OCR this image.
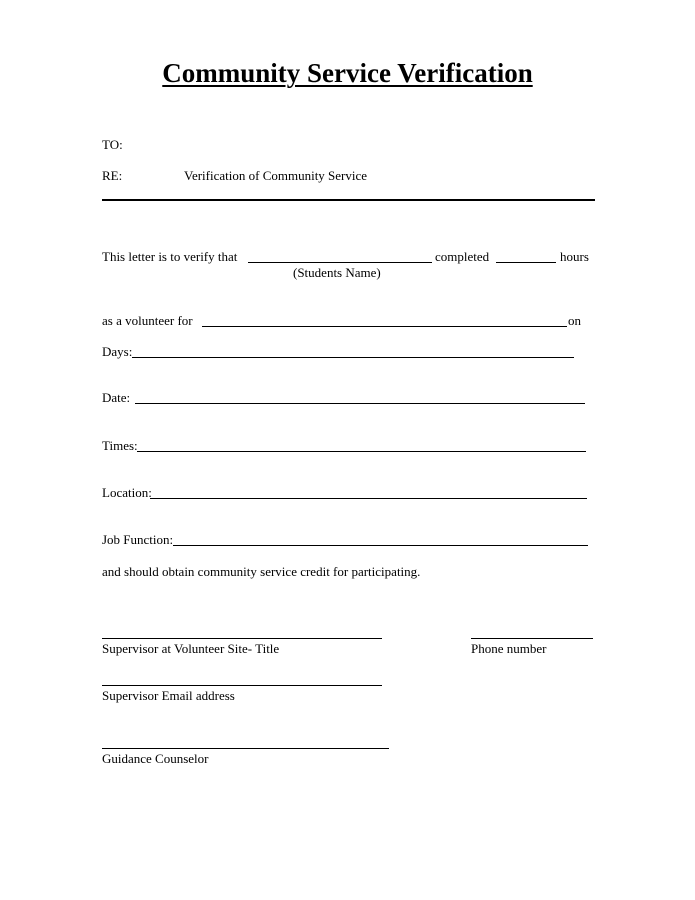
Community Service Verification
TO:
RE:	Verification of Community Service
This letter is to verify that	completed	hours
(Students Name)
as a volunteer for	on
Days:
Date:
Times:
Location:
Job Function:
and should obtain community service credit for participating.
Supervisor at Volunteer Site- Title	Phone number
Supervisor Email address
Guidance Counselor
